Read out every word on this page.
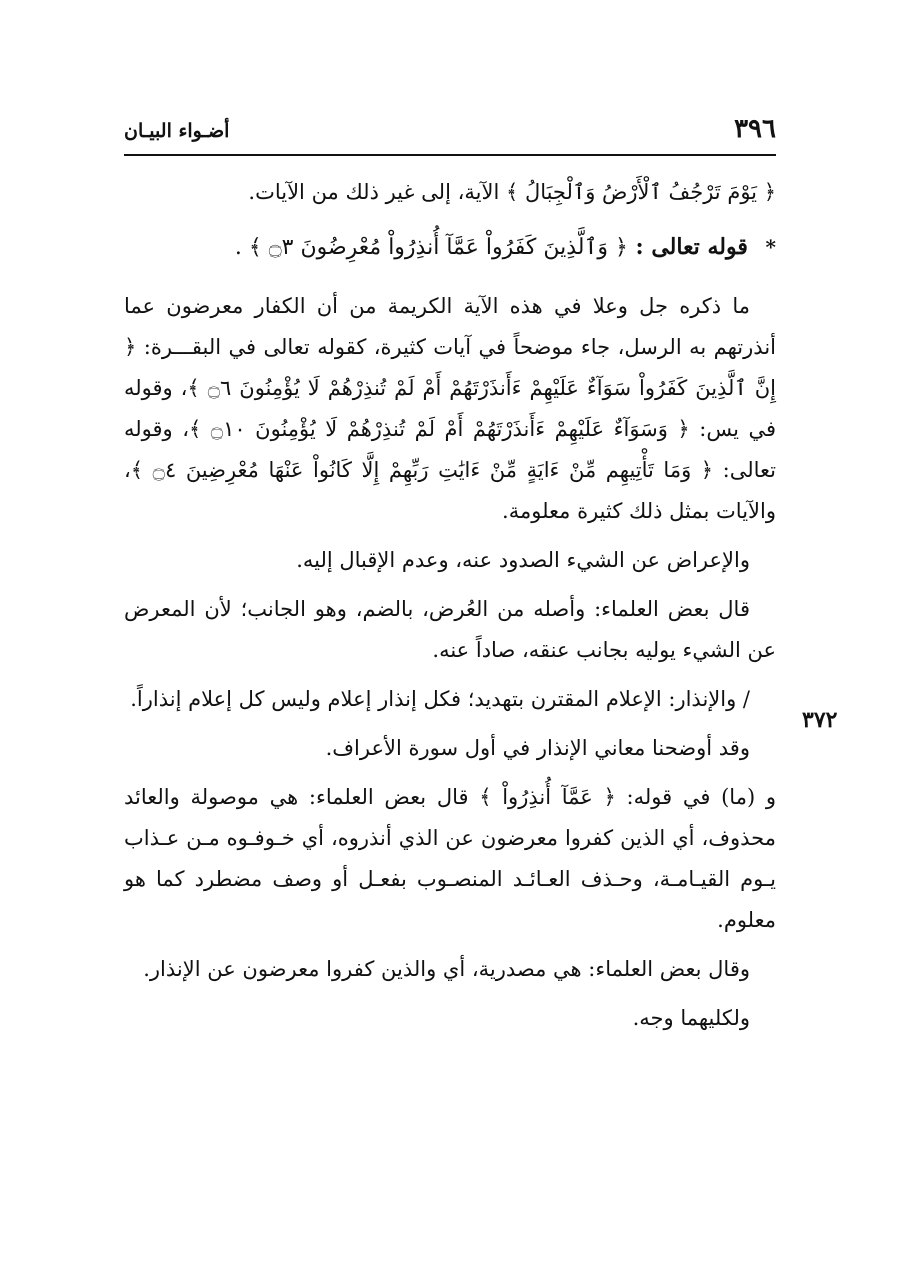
٣٩٦
أضـواء البيـان
٣٧٢

﴿ يَوْمَ تَرْجُفُ ٱلْأَرْضُ وَٱلْجِبَالُ ﴾ الآية، إلى غير ذلك من الآيات.

* قوله تعالى : ﴿ وَٱلَّذِينَ كَفَرُواْ عَمَّآ أُنذِرُواْ مُعْرِضُونَ ۝٣ ﴾ .

ما ذكره جل وعلا في هذه الآية الكريمة من أن الكفار معرضون عما أنذرتهم به الرسل، جاء موضحاً في آيات كثيرة، كقوله تعالى في البقـــرة: ﴿ إِنَّ ٱلَّذِينَ كَفَرُواْ سَوَآءٌ عَلَيْهِمْ ءَأَنذَرْتَهُمْ أَمْ لَمْ تُنذِرْهُمْ لَا يُؤْمِنُونَ ۝٦ ﴾، وقوله في يس: ﴿ وَسَوَآءٌ عَلَيْهِمْ ءَأَنذَرْتَهُمْ أَمْ لَمْ تُنذِرْهُمْ لَا يُؤْمِنُونَ ۝١٠ ﴾، وقوله تعالى: ﴿ وَمَا تَأْتِيهِم مِّنْ ءَايَةٍ مِّنْ ءَايَٰتِ رَبِّهِمْ إِلَّا كَانُواْ عَنْهَا مُعْرِضِينَ ۝٤ ﴾، والآيات بمثل ذلك كثيرة معلومة.

والإعراض عن الشيء الصدود عنه، وعدم الإقبال إليه.

قال بعض العلماء: وأصله من العُرض، بالضم، وهو الجانب؛ لأن المعرض عن الشيء يوليه بجانب عنقه، صاداً عنه.

/ والإنذار: الإعلام المقترن بتهديد؛ فكل إنذار إعلام وليس كل إعلام إنذاراً.

وقد أوضحنا معاني الإنذار في أول سورة الأعراف.

و (ما) في قوله: ﴿ عَمَّآ أُنذِرُواْ ﴾ قال بعض العلماء: هي موصولة والعائد محذوف، أي الذين كفروا معرضون عن الذي أنذروه، أي خـوفـوه مـن عـذاب يـوم القيـامـة، وحـذف العـائـد المنصـوب بفعـل أو وصف مضطرد كما هو معلوم.

وقال بعض العلماء: هي مصدرية، أي والذين كفروا معرضون عن الإنذار.

ولكليهما وجه.
